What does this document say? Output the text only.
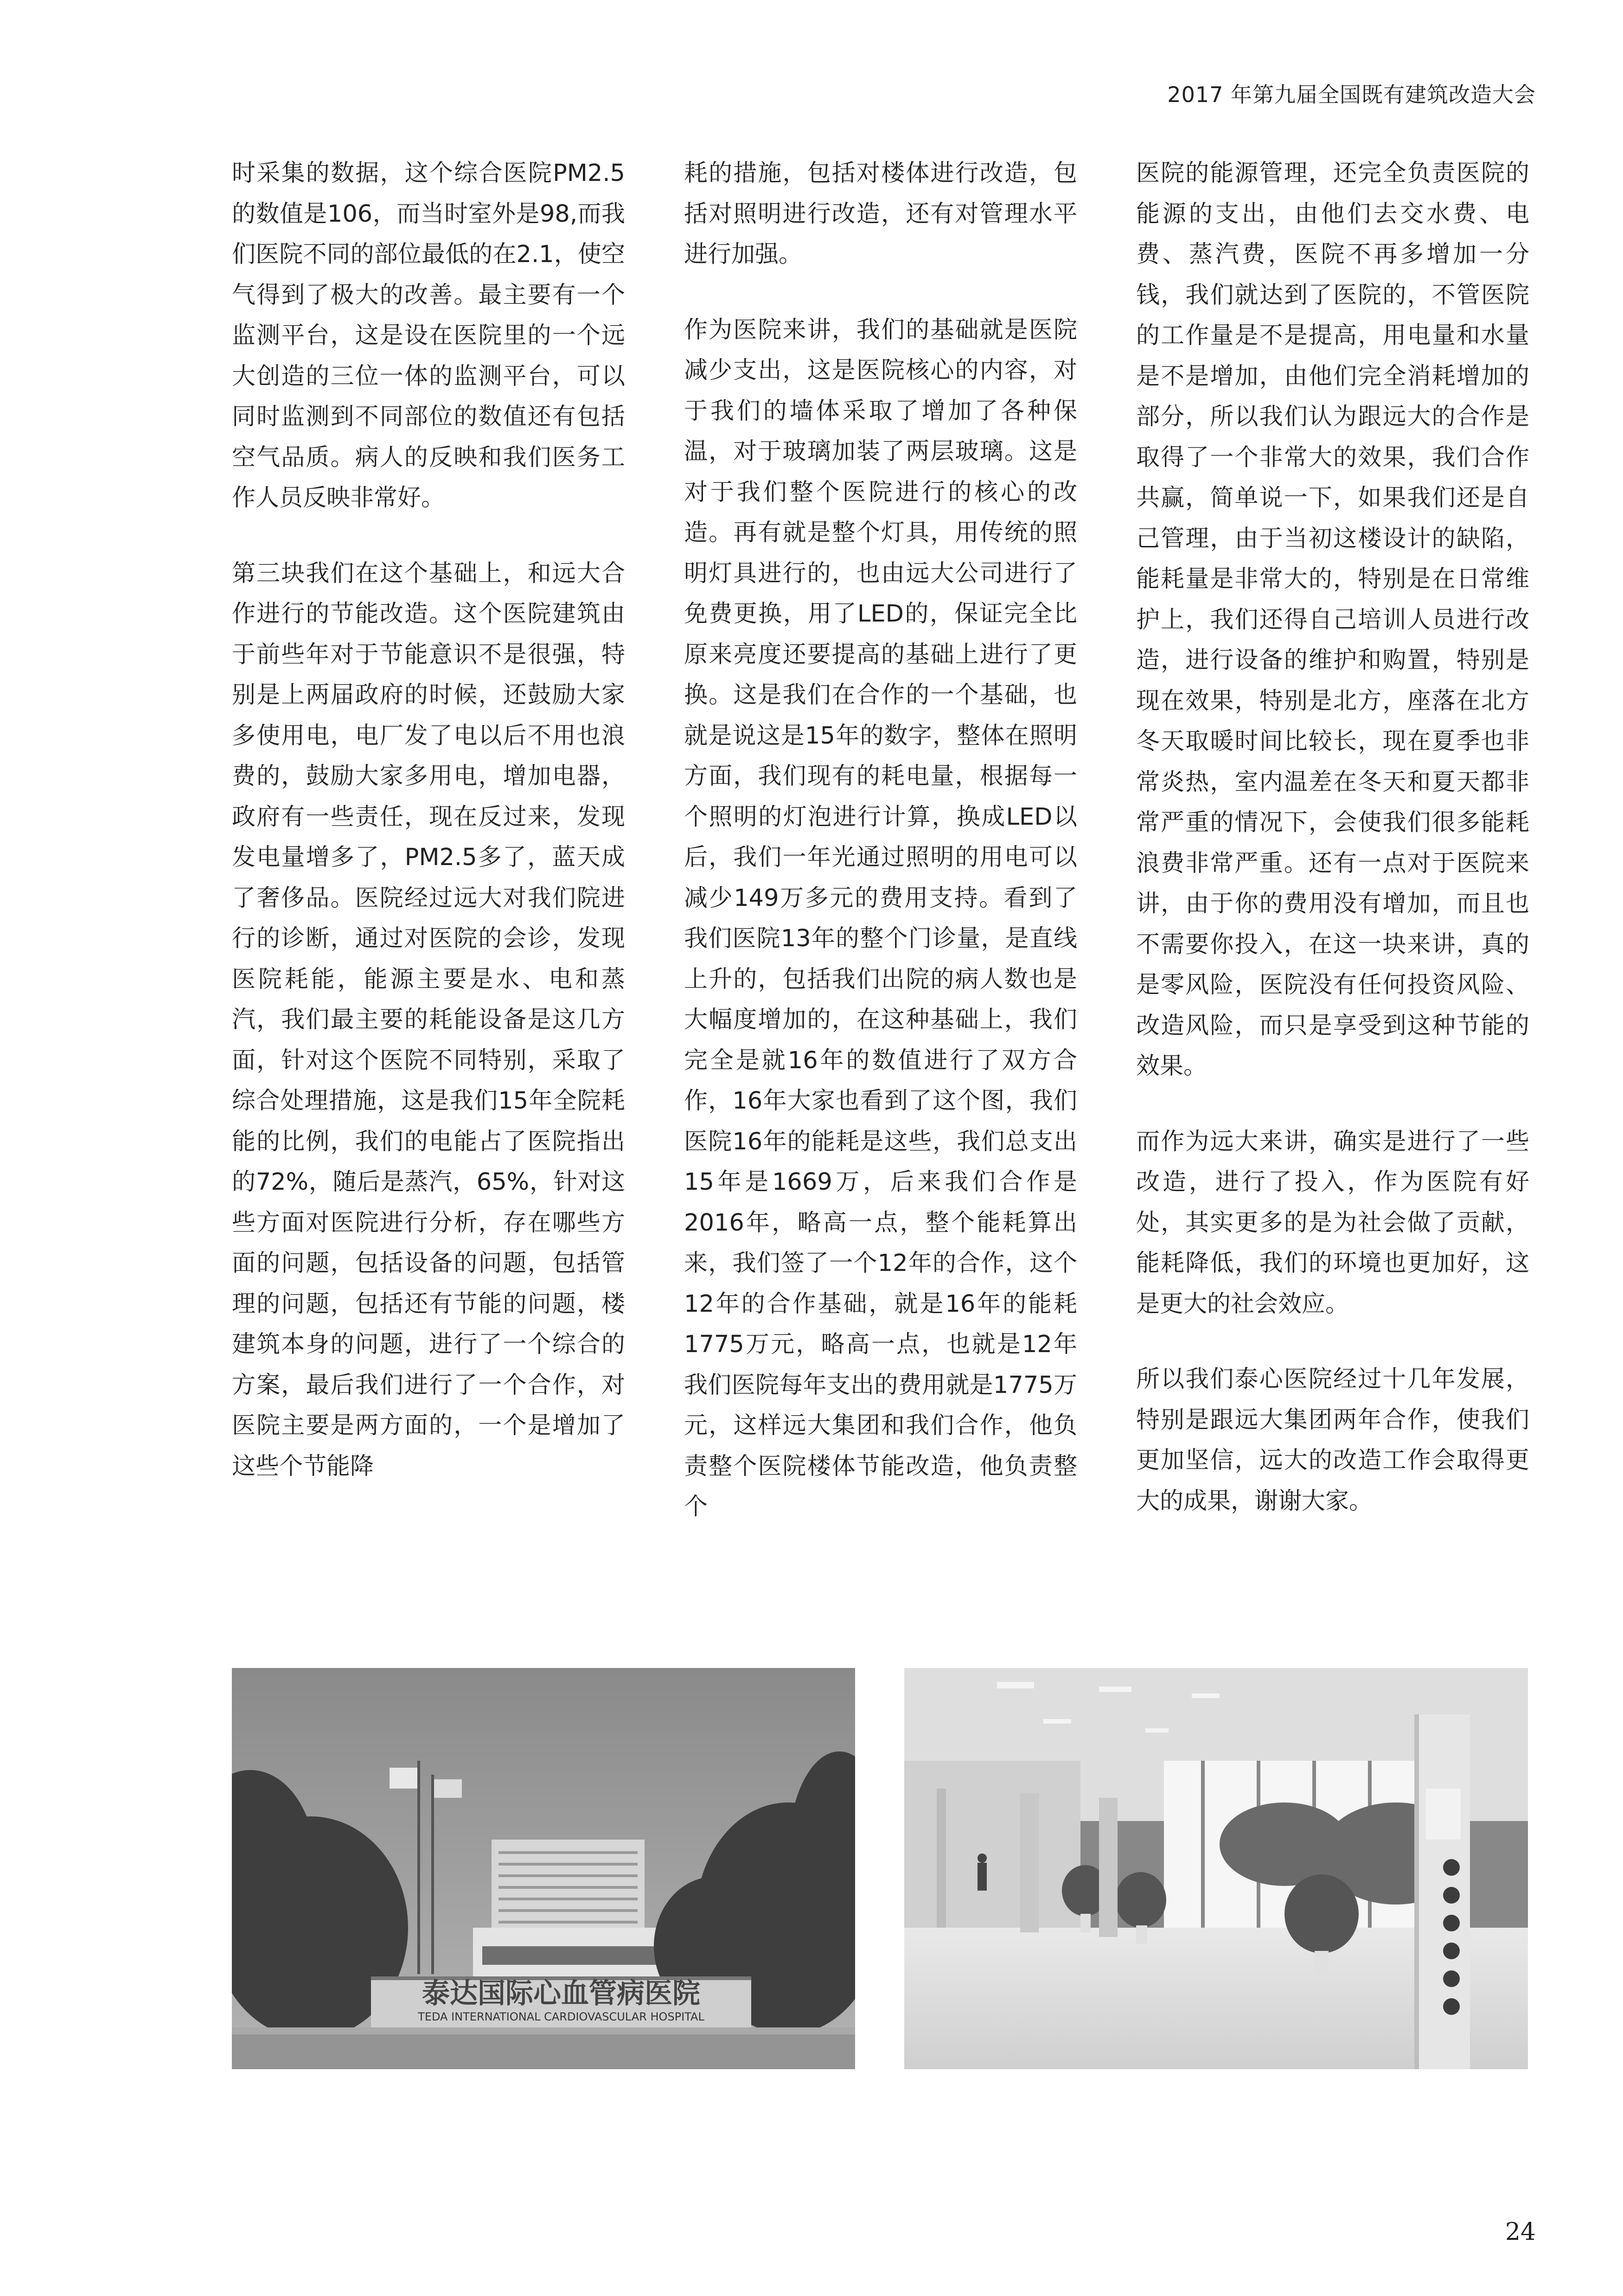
2017 年第九届全国既有建筑改造大会

时采集的数据，这个综合医院PM2.5的数值是106，而当时室外是98,而我们医院不同的部位最低的在2.1，使空气得到了极大的改善。最主要有一个监测平台，这是设在医院里的一个远大创造的三位一体的监测平台，可以同时监测到不同部位的数值还有包括空气品质。病人的反映和我们医务工作人员反映非常好。

第三块我们在这个基础上，和远大合作进行的节能改造。这个医院建筑由于前些年对于节能意识不是很强，特别是上两届政府的时候，还鼓励大家多使用电，电厂发了电以后不用也浪费的，鼓励大家多用电，增加电器，政府有一些责任，现在反过来，发现发电量增多了，PM2.5多了，蓝天成了奢侈品。医院经过远大对我们院进行的诊断，通过对医院的会诊，发现医院耗能，能源主要是水、电和蒸汽，我们最主要的耗能设备是这几方面，针对这个医院不同特别，采取了综合处理措施，这是我们15年全院耗能的比例，我们的电能占了医院指出的72%，随后是蒸汽，65%，针对这些方面对医院进行分析，存在哪些方面的问题，包括设备的问题，包括管理的问题，包括还有节能的问题，楼建筑本身的问题，进行了一个综合的方案，最后我们进行了一个合作，对医院主要是两方面的，一个是增加了这些个节能降

耗的措施，包括对楼体进行改造，包括对照明进行改造，还有对管理水平进行加强。

作为医院来讲，我们的基础就是医院减少支出，这是医院核心的内容，对于我们的墙体采取了增加了各种保温，对于玻璃加装了两层玻璃。这是对于我们整个医院进行的核心的改造。再有就是整个灯具，用传统的照明灯具进行的，也由远大公司进行了免费更换，用了LED的，保证完全比原来亮度还要提高的基础上进行了更换。这是我们在合作的一个基础，也就是说这是15年的数字，整体在照明方面，我们现有的耗电量，根据每一个照明的灯泡进行计算，换成LED以后，我们一年光通过照明的用电可以减少149万多元的费用支持。看到了我们医院13年的整个门诊量，是直线上升的，包括我们出院的病人数也是大幅度增加的，在这种基础上，我们完全是就16年的数值进行了双方合作，16年大家也看到了这个图，我们医院16年的能耗是这些，我们总支出15年是1669万，后来我们合作是2016年，略高一点，整个能耗算出来，我们签了一个12年的合作，这个12年的合作基础，就是16年的能耗1775万元，略高一点，也就是12年我们医院每年支出的费用就是1775万元，这样远大集团和我们合作，他负责整个医院楼体节能改造，他负责整个

医院的能源管理，还完全负责医院的能源的支出，由他们去交水费、电费、蒸汽费，医院不再多增加一分钱，我们就达到了医院的，不管医院的工作量是不是提高，用电量和水量是不是增加，由他们完全消耗增加的部分，所以我们认为跟远大的合作是取得了一个非常大的效果，我们合作共赢，简单说一下，如果我们还是自己管理，由于当初这楼设计的缺陷，能耗量是非常大的，特别是在日常维护上，我们还得自己培训人员进行改造，进行设备的维护和购置，特别是现在效果，特别是北方，座落在北方冬天取暖时间比较长，现在夏季也非常炎热，室内温差在冬天和夏天都非常严重的情况下，会使我们很多能耗浪费非常严重。还有一点对于医院来讲，由于你的费用没有增加，而且也不需要你投入，在这一块来讲，真的是零风险，医院没有任何投资风险、改造风险，而只是享受到这种节能的效果。

而作为远大来讲，确实是进行了一些改造，进行了投入，作为医院有好处，其实更多的是为社会做了贡献，能耗降低，我们的环境也更加好，这是更大的社会效应。

所以我们泰心医院经过十几年发展，特别是跟远大集团两年合作，使我们更加坚信，远大的改造工作会取得更大的成果，谢谢大家。

泰达国际心血管病医院
TEDA INTERNATIONAL CARDIOVASCULAR HOSPITAL
24
